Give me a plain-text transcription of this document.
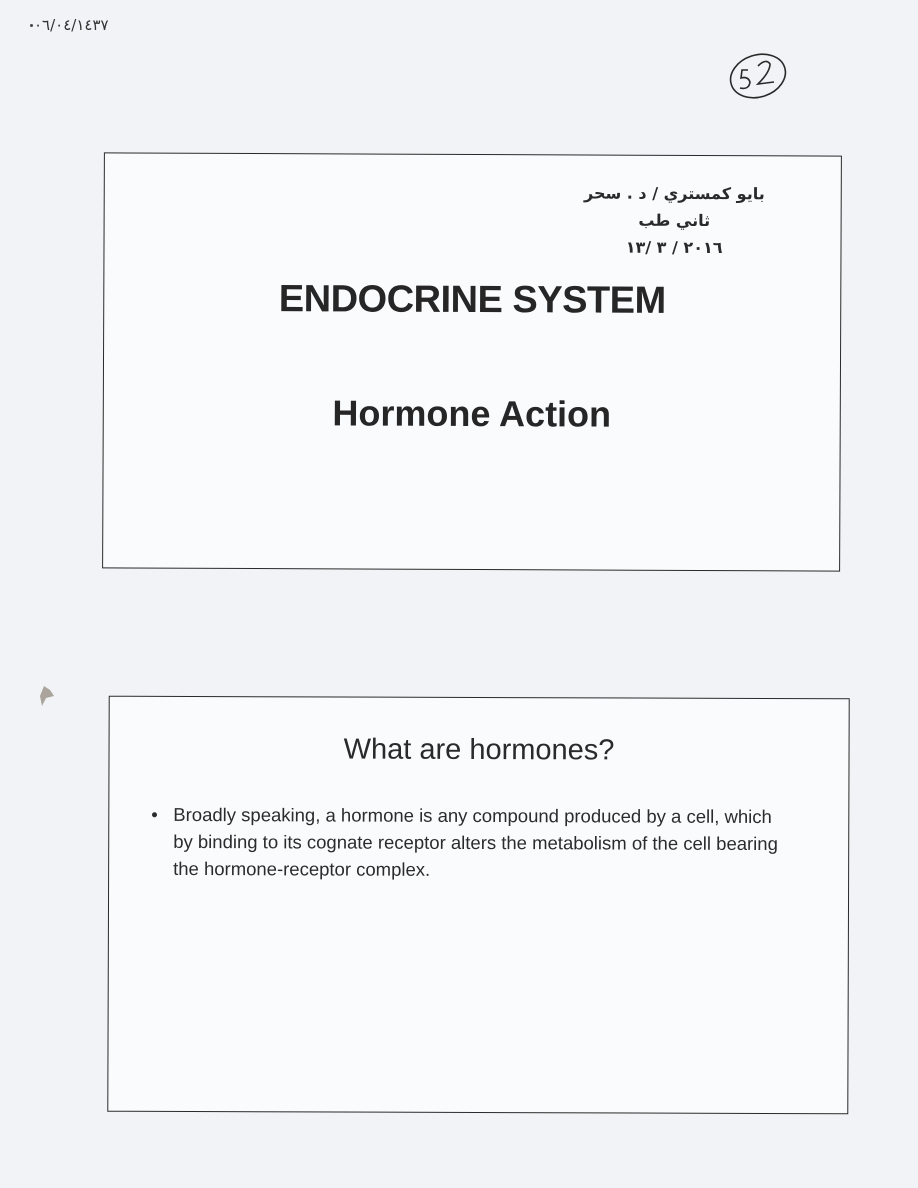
٠٦/٠٤/١٤٣٧
بايو كمستري / د . سحر
ثاني طب
٢٠١٦ / ٣ /١٣
ENDOCRINE SYSTEM
Hormone Action
What are hormones?
• Broadly speaking, a hormone is any compound produced by a cell, which by binding to its cognate receptor alters the metabolism of the cell bearing the hormone-receptor complex.
